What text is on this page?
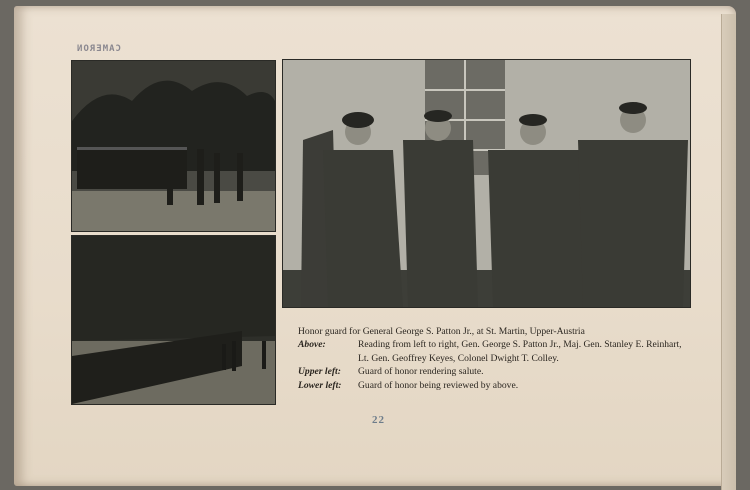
CAMERON
Honor guard for General George S. Patton Jr., at St. Martin, Upper-Austria
Above:	Reading from left to right, Gen. George S. Patton Jr., Maj. Gen. Stanley E. Reinhart, Lt. Gen. Geoffrey Keyes, Colonel Dwight T. Colley.
Upper left:	Guard of honor rendering salute.
Lower left:	Guard of honor being reviewed by above.
22
